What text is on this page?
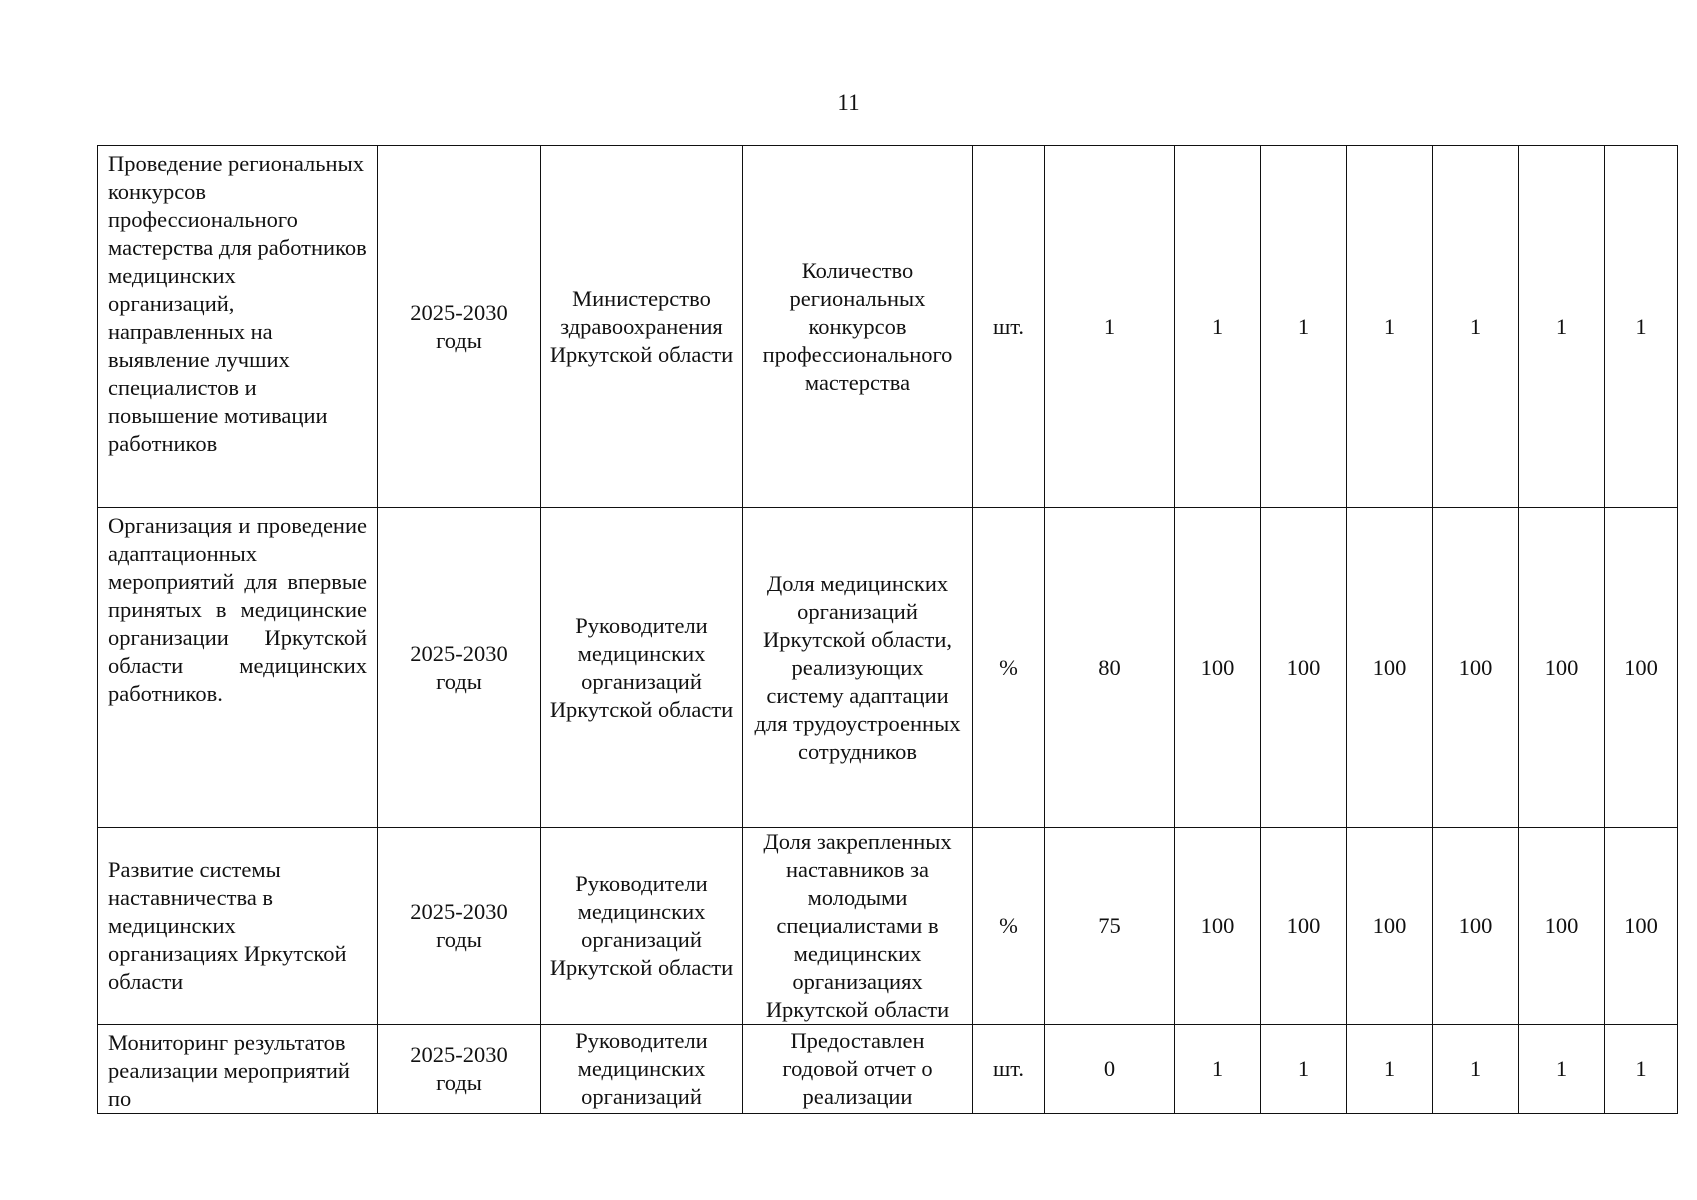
11
Проведение региональных конкурсов профессионального мастерства для работников медицинских организаций, направленных на выявление лучших специалистов и повышение мотивации работников	2025-2030 годы	Министерство здравоохранения Иркутской области	Количество региональных конкурсов профессионального мастерства	шт.	1	1	1	1	1	1	1
Организация и проведение адаптационных мероприятий для впервые принятых в медицинские организации Иркутской области медицинских работников.	2025-2030 годы	Руководители медицинских организаций Иркутской области	Доля медицинских организаций Иркутской области, реализующих систему адаптации для трудоустроенных сотрудников	%	80	100	100	100	100	100	100
Развитие системы наставничества в медицинских организациях Иркутской области	2025-2030 годы	Руководители медицинских организаций Иркутской области	Доля закрепленных наставников за молодыми специалистами в медицинских организациях Иркутской области	%	75	100	100	100	100	100	100

Мониторинг результатов реализации мероприятий по	2025-2030 годы	Руководители медицинских организаций	Предоставлен годовой отчет о реализации	шт.	0	1	1	1	1	1	1
